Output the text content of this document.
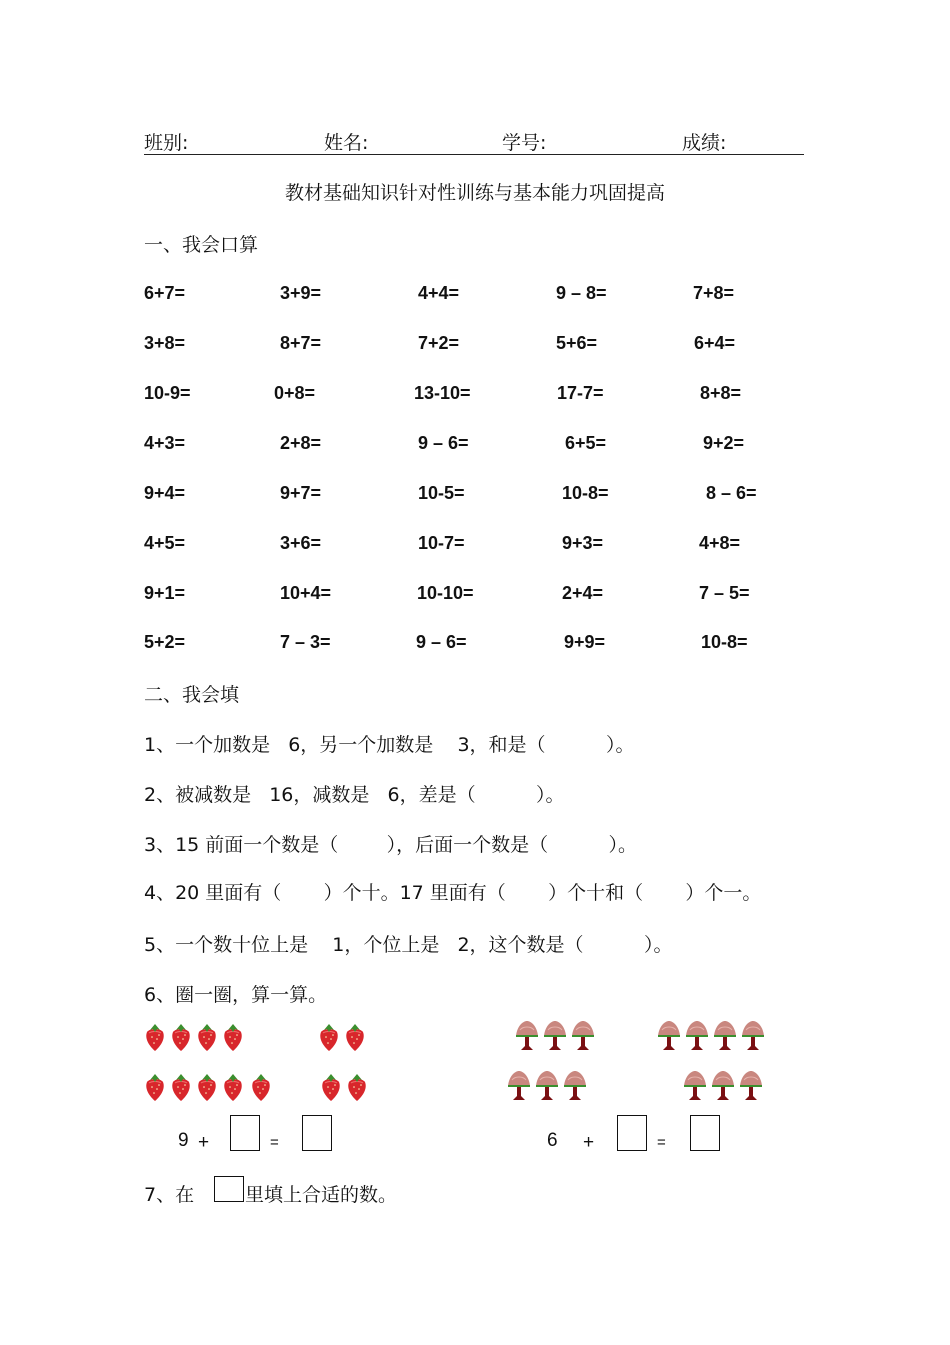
班别:	姓名:	学号:	成绩:
教材基础知识针对性训练与基本能力巩固提高
一、我会口算
6+7=	3+9=	4+4=	9 – 8=	7+8=
3+8=	8+7=	7+2=	5+6=	6+4=
10-9=	0+8=	13-10=	17-7=	8+8=
4+3=	2+8=	9 – 6=	6+5=	9+2=
9+4=	9+7=	10-5=	10-8=	8 – 6=
4+5=	3+6=	10-7=	9+3=	4+8=
9+1=	10+4=	10-10=	2+4=	7 – 5=
5+2=	7 – 3=	9 – 6=	9+9=	10-8=
二、我会填
1、一个加数是   6，另一个加数是    3，和是（          ）。
2、被减数是   16，减数是   6，差是（          ）。
3、15 前面一个数是（        ），后面一个数是（          ）。
4、20 里面有（       ）个十。17 里面有（       ）个十和（       ）个一。
5、一个数十位上是    1，个位上是   2，这个数是（          ）。
6、圈一圈，算一算。
9 +	=	6 +	=
7、在	里填上合适的数。
